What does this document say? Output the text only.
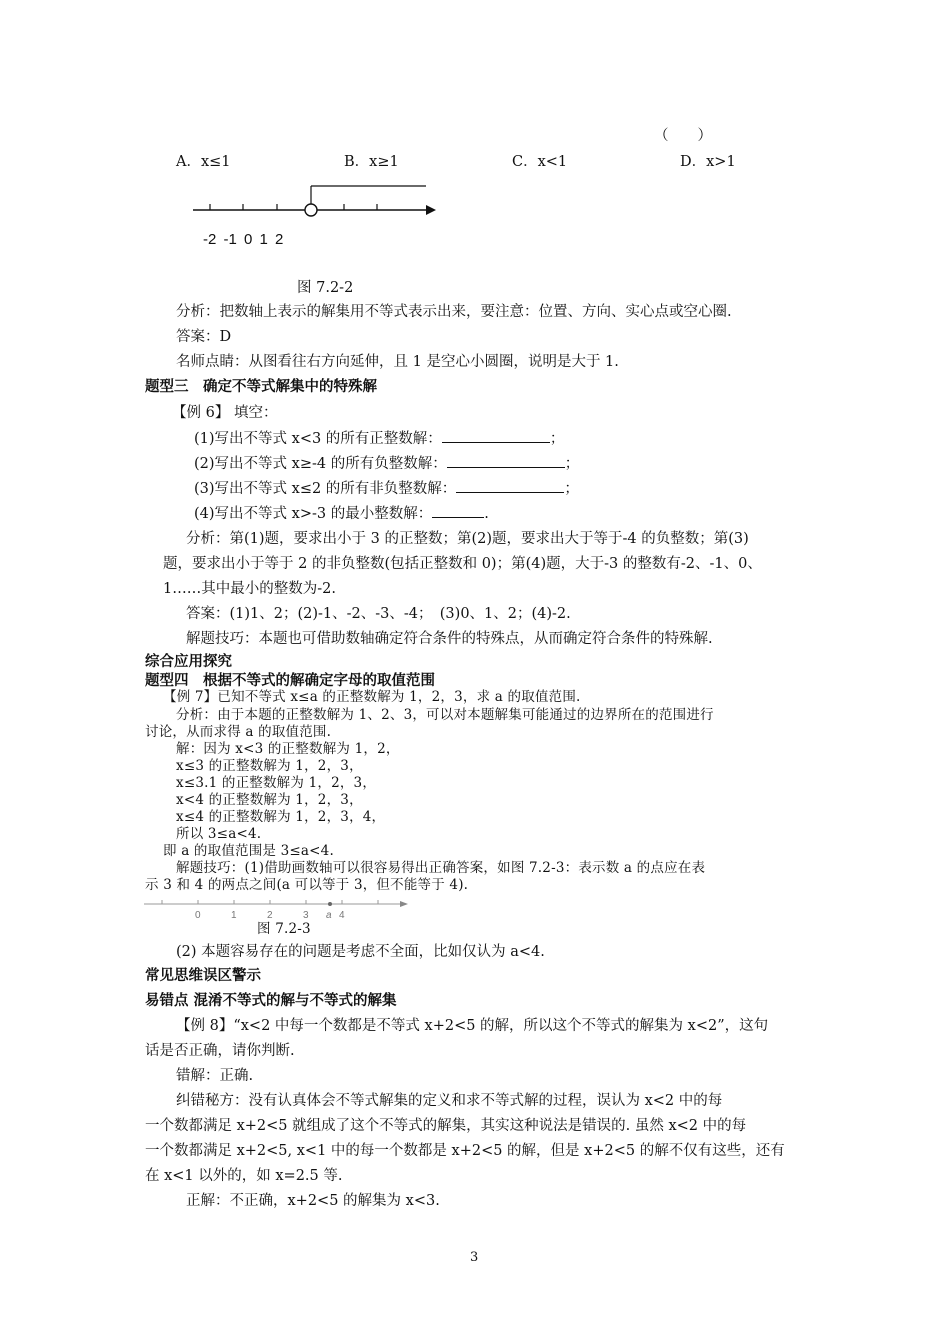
（　　）
A．x≤1	B．x≥1	C．x<1	D．x>1
-2 -1 0 1 2
图 7.2-2
分析：把数轴上表示的解集用不等式表示出来，要注意：位置、方向、实心点或空心圈.
答案：D
名师点睛：从图看往右方向延伸，且 1 是空心小圆圈，说明是大于 1.
题型三　确定不等式解集中的特殊解
【例 6】 填空：
(1)写出不等式 x<3 的所有正整数解：	；
(2)写出不等式 x≥-4 的所有负整数解：	；
(3)写出不等式 x≤2 的所有非负整数解：	；
(4)写出不等式 x>-3 的最小整数解：	.
分析：第(1)题，要求出小于 3 的正整数；第(2)题，要求出大于等于-4 的负整数；第(3)
题，要求出小于等于 2 的非负整数(包括正整数和 0)；第(4)题，大于-3 的整数有-2、-1、0、
1……其中最小的整数为-2.
答案：(1)1、2；(2)-1、-2、-3、-4；　(3)0、1、2；(4)-2.
解题技巧：本题也可借助数轴确定符合条件的特殊点，从而确定符合条件的特殊解.
综合应用探究
题型四　根据不等式的解确定字母的取值范围
【例 7】已知不等式 x≤a 的正整数解为 1，2，3，求 a 的取值范围.
分析：由于本题的正整数解为 1、2、3，可以对本题解集可能通过的边界所在的范围进行
讨论，从而求得 a 的取值范围.
解：因为 x<3 的正整数解为 1，2，
x≤3 的正整数解为 1，2，3，
x≤3.1 的正整数解为 1，2，3，
x<4 的正整数解为 1，2，3，
x≤4 的正整数解为 1，2，3，4，
所以 3≤a<4.
即 a 的取值范围是 3≤a<4.
解题技巧：(1)借助画数轴可以很容易得出正确答案，如图 7.2-3：表示数 a 的点应在表
示 3 和 4 的两点之间(a 可以等于 3，但不能等于 4).
0	1	2	3 a 4
图 7.2-3
(2) 本题容易存在的问题是考虑不全面，比如仅认为 a<4.
常见思维误区警示
易错点 混淆不等式的解与不等式的解集
【例 8】“x<2 中每一个数都是不等式 x+2<5 的解，所以这个不等式的解集为 x<2”，这句
话是否正确，请你判断.
错解：正确.
纠错秘方：没有认真体会不等式解集的定义和求不等式解的过程，误认为 x<2 中的每
一个数都满足 x+2<5 就组成了这个不等式的解集，其实这种说法是错误的. 虽然 x<2 中的每
一个数都满足 x+2<5, x<1 中的每一个数都是 x+2<5 的解，但是 x+2<5 的解不仅有这些，还有
在 x<1 以外的，如 x=2.5 等.
正解：不正确，x+2<5 的解集为 x<3.
3
